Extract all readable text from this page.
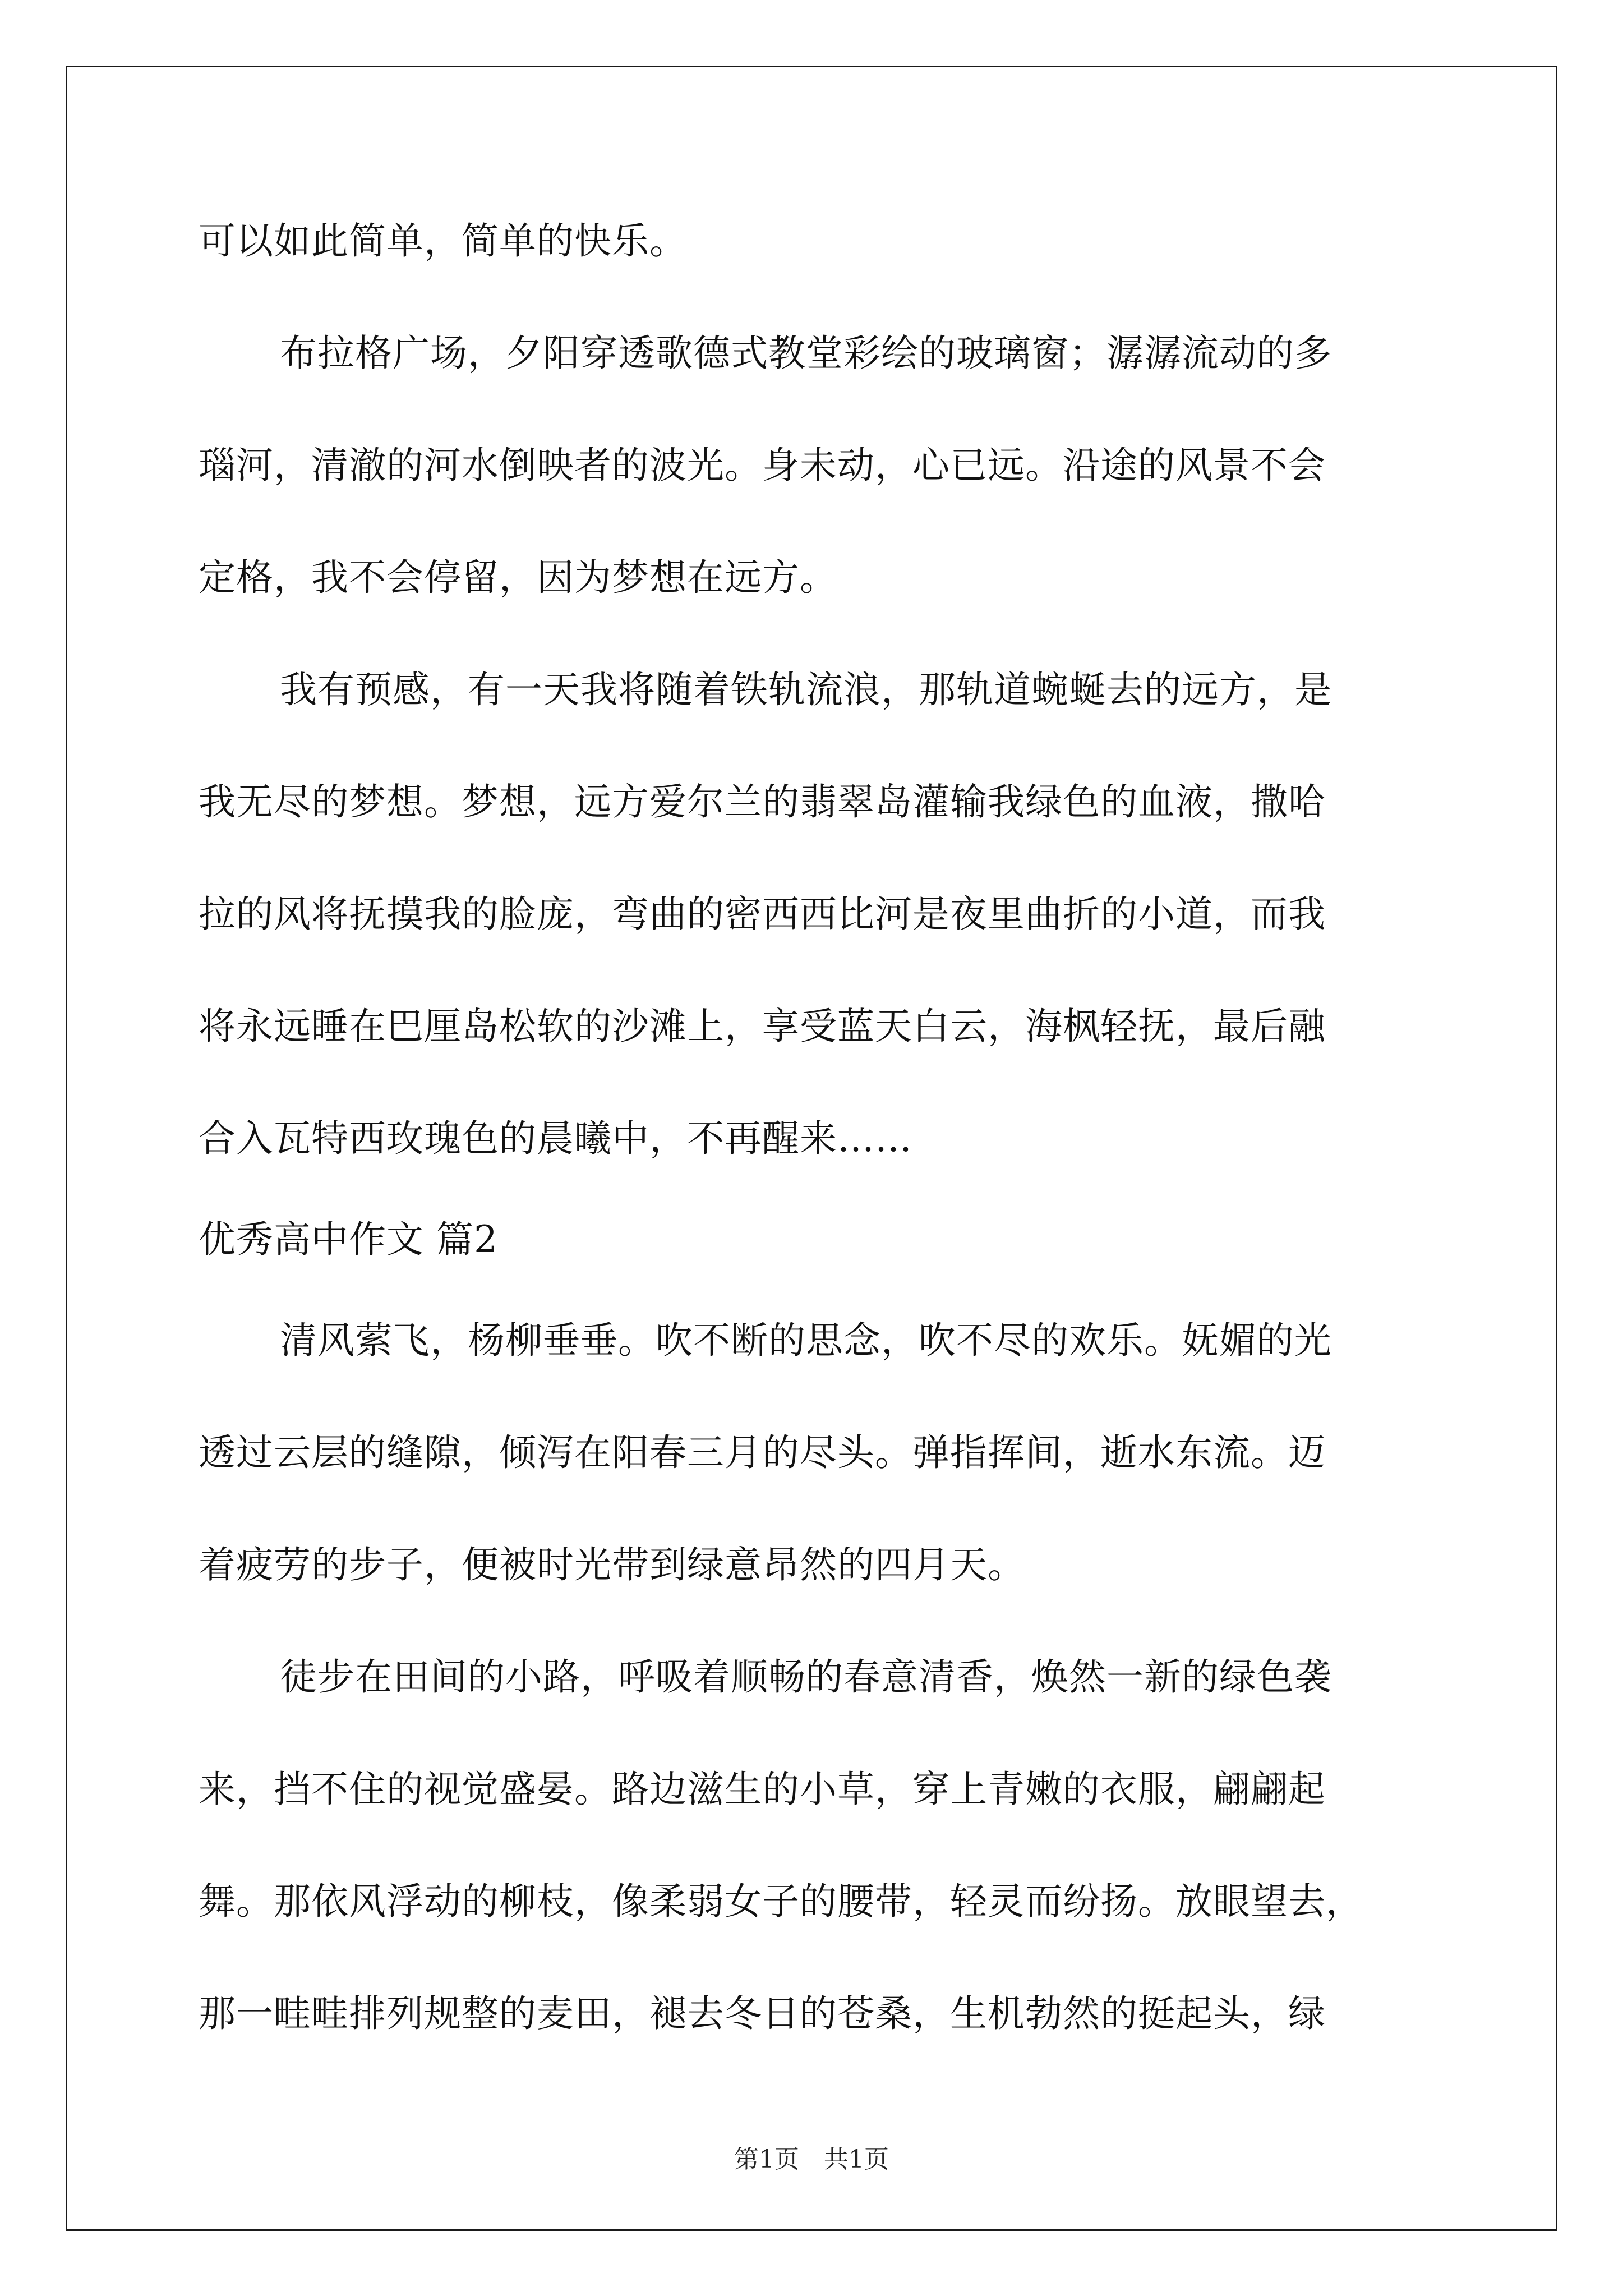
可以如此简单，简单的快乐。
布拉格广场，夕阳穿透歌德式教堂彩绘的玻璃窗；潺潺流动的多
瑙河，清澈的河水倒映者的波光。身未动，心已远。沿途的风景不会
定格，我不会停留，因为梦想在远方。
我有预感，有一天我将随着铁轨流浪，那轨道蜿蜒去的远方，是
我无尽的梦想。梦想，远方爱尔兰的翡翠岛灌输我绿色的血液，撒哈
拉的风将抚摸我的脸庞，弯曲的密西西比河是夜里曲折的小道，而我
将永远睡在巴厘岛松软的沙滩上，享受蓝天白云，海枫轻抚，最后融
合入瓦特西玫瑰色的晨曦中，不再醒来……
优秀高中作文 篇2
清风萦飞，杨柳垂垂。吹不断的思念，吹不尽的欢乐。妩媚的光
透过云层的缝隙，倾泻在阳春三月的尽头。弹指挥间，逝水东流。迈
着疲劳的步子，便被时光带到绿意昂然的四月天。
徒步在田间的小路，呼吸着顺畅的春意清香，焕然一新的绿色袭
来，挡不住的视觉盛晏。路边滋生的小草，穿上青嫩的衣服，翩翩起
舞。那依风浮动的柳枝，像柔弱女子的腰带，轻灵而纷扬。放眼望去，
那一畦畦排列规整的麦田，褪去冬日的苍桑，生机勃然的挺起头，绿
第1页　共1页
